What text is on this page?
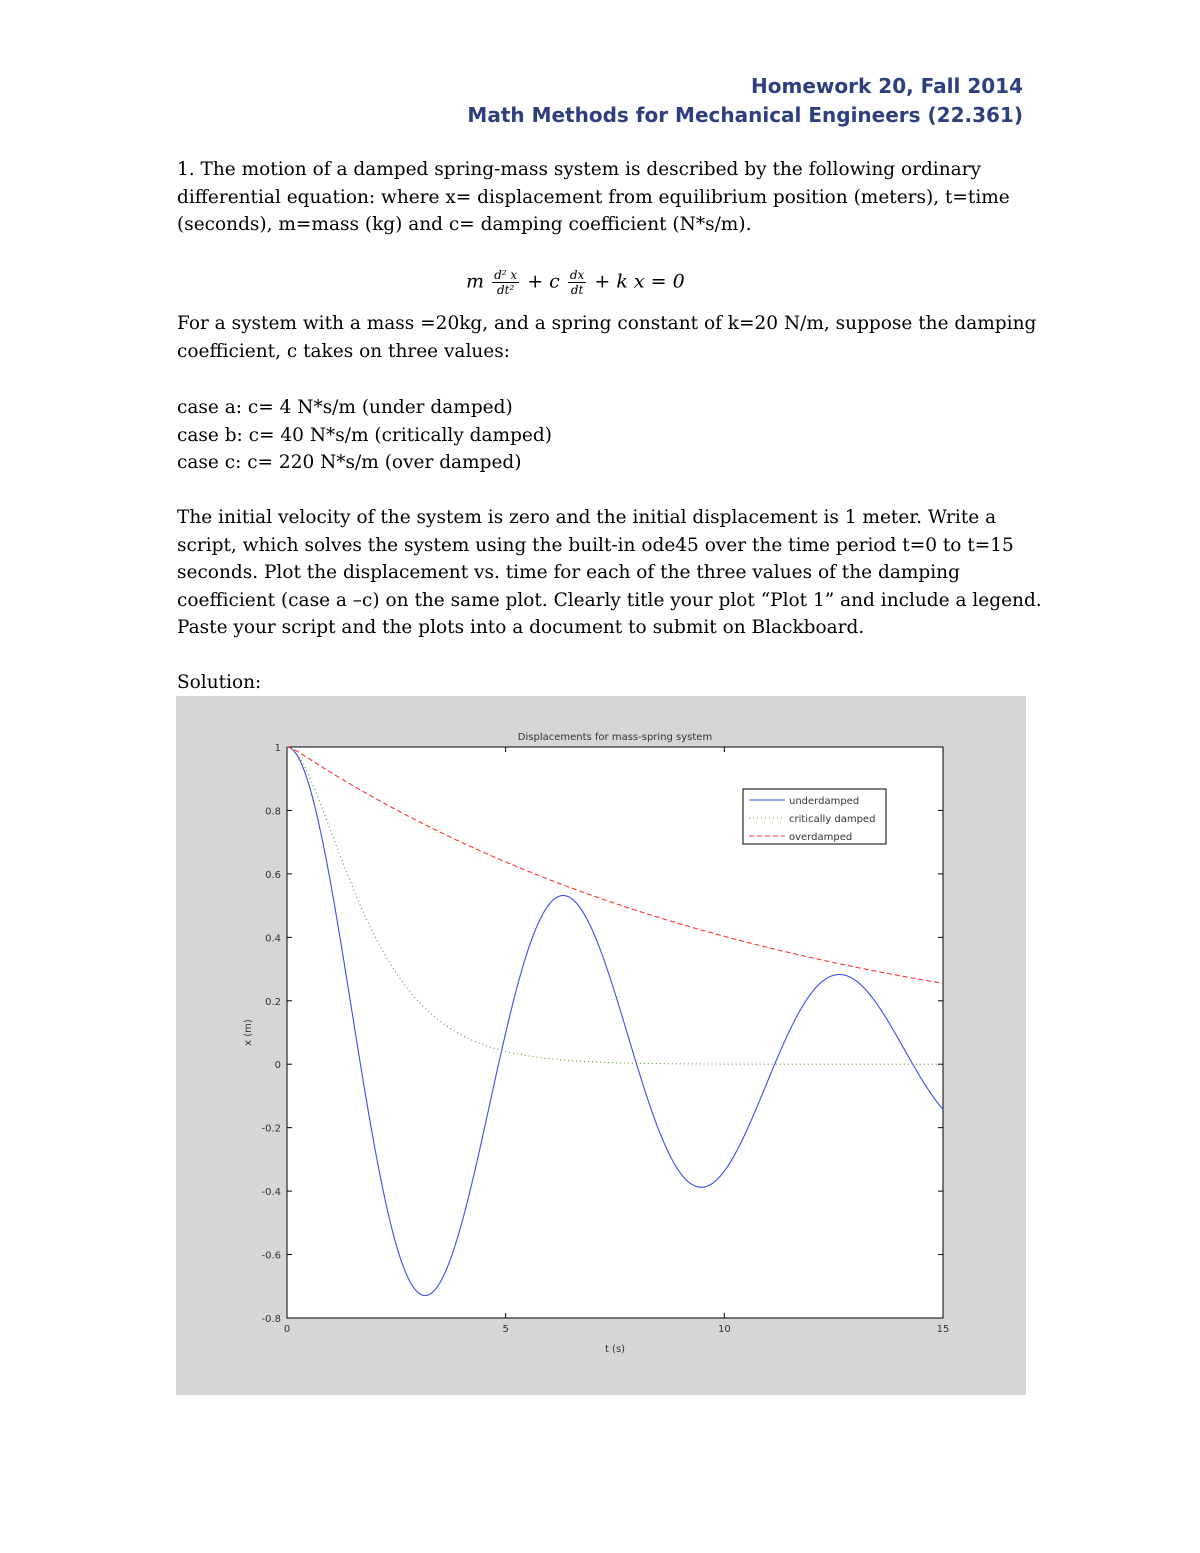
Homework 20, Fall 2014
Math Methods for Mechanical Engineers (22.361)
1. The motion of a damped spring-mass system is described by the following ordinary differential equation: where x= displacement from equilibrium position (meters), t=time (seconds), m=mass (kg) and c= damping coefficient (N*s/m).
m $\frac{\text{d² x}}{\text{dt²}} + c \frac{dx}{dt} + k$ x = 0
For a system with a mass =20kg, and a spring constant of k=20 N/m, suppose the damping coefficient, c takes on three values:
case a: c= 4 N*s/m (under damped)
case b: c= 40 N*s/m (critically damped)
case c: c= 220 N*s/m (over damped)
The initial velocity of the system is zero and the initial displacement is 1 meter. Write a script, which solves the system using the built-in ode45 over the time period t=0 to t=15 seconds. Plot the displacement vs. time for each of the three values of the damping coefficient (case a –c) on the same plot. Clearly title your plot “Plot 1” and include a legend. Paste your script and the plots into a document to submit on Blackboard.
Solution:
0	5	10	15
-0.8
-0.6
-0.4
-0.2
0
0.2
0.4
0.6
0.8
1
Displacements for mass-spring system
t (s)
x (m)
underdamped
critically damped
overdamped
